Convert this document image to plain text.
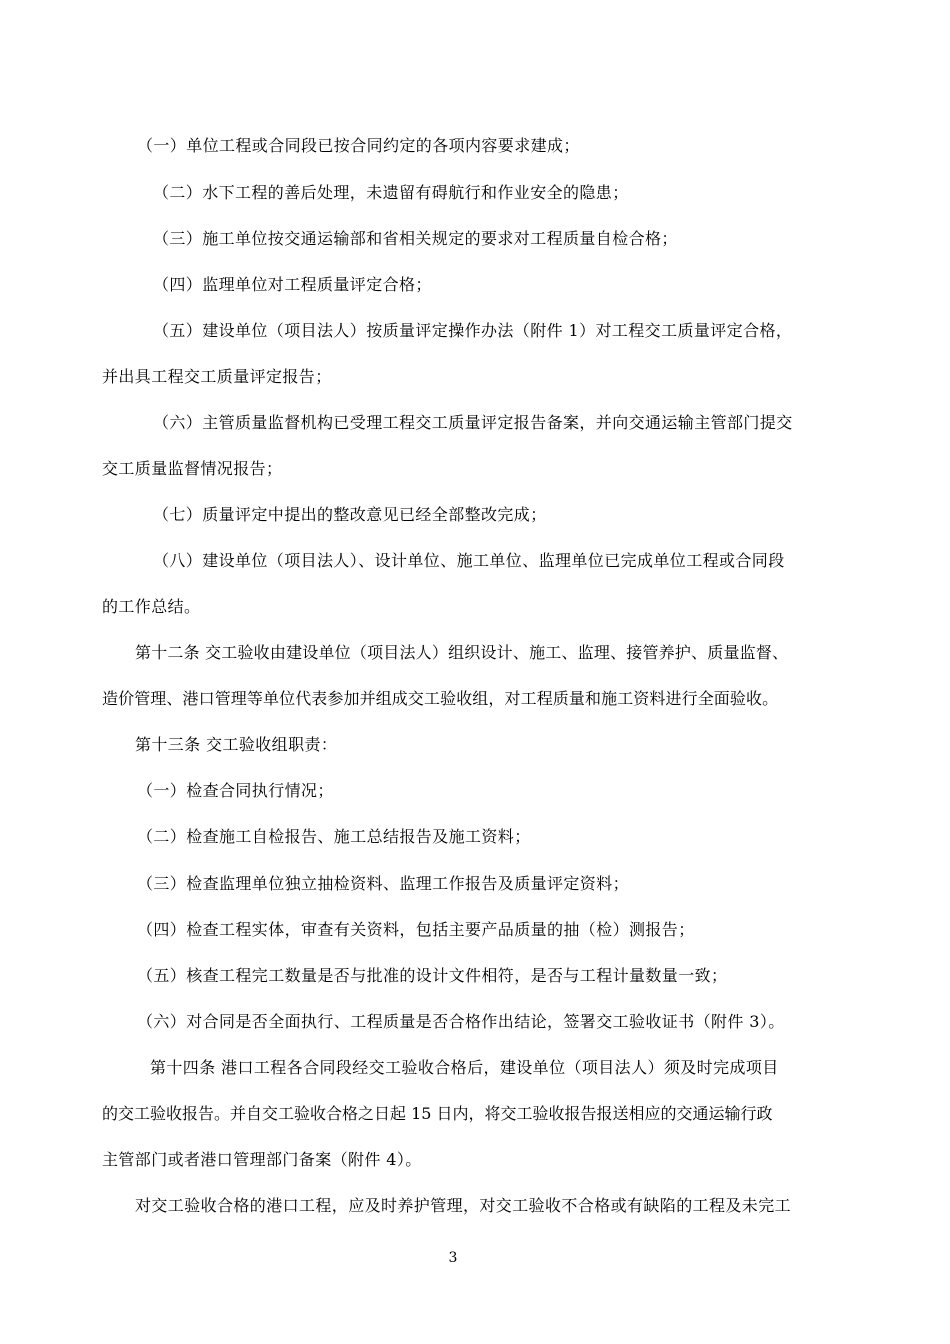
（一）单位工程或合同段已按合同约定的各项内容要求建成；
（二）水下工程的善后处理，未遗留有碍航行和作业安全的隐患；
（三）施工单位按交通运输部和省相关规定的要求对工程质量自检合格；
（四）监理单位对工程质量评定合格；
（五）建设单位（项目法人）按质量评定操作办法（附件 1）对工程交工质量评定合格，
并出具工程交工质量评定报告；
（六）主管质量监督机构已受理工程交工质量评定报告备案，并向交通运输主管部门提交
交工质量监督情况报告；
（七）质量评定中提出的整改意见已经全部整改完成；
（八）建设单位（项目法人）、设计单位、施工单位、监理单位已完成单位工程或合同段
的工作总结。
第十二条 交工验收由建设单位（项目法人）组织设计、施工、监理、接管养护、质量监督、
造价管理、港口管理等单位代表参加并组成交工验收组，对工程质量和施工资料进行全面验收。
第十三条 交工验收组职责：
（一）检查合同执行情况；
（二）检查施工自检报告、施工总结报告及施工资料；
（三）检查监理单位独立抽检资料、监理工作报告及质量评定资料；
（四）检查工程实体，审查有关资料，包括主要产品质量的抽（检）测报告；
（五）核查工程完工数量是否与批准的设计文件相符，是否与工程计量数量一致；
（六）对合同是否全面执行、工程质量是否合格作出结论，签署交工验收证书（附件 3）。
第十四条 港口工程各合同段经交工验收合格后，建设单位（项目法人）须及时完成项目
的交工验收报告。并自交工验收合格之日起 15 日内，将交工验收报告报送相应的交通运输行政
主管部门或者港口管理部门备案（附件 4）。
对交工验收合格的港口工程，应及时养护管理，对交工验收不合格或有缺陷的工程及未完工
3
